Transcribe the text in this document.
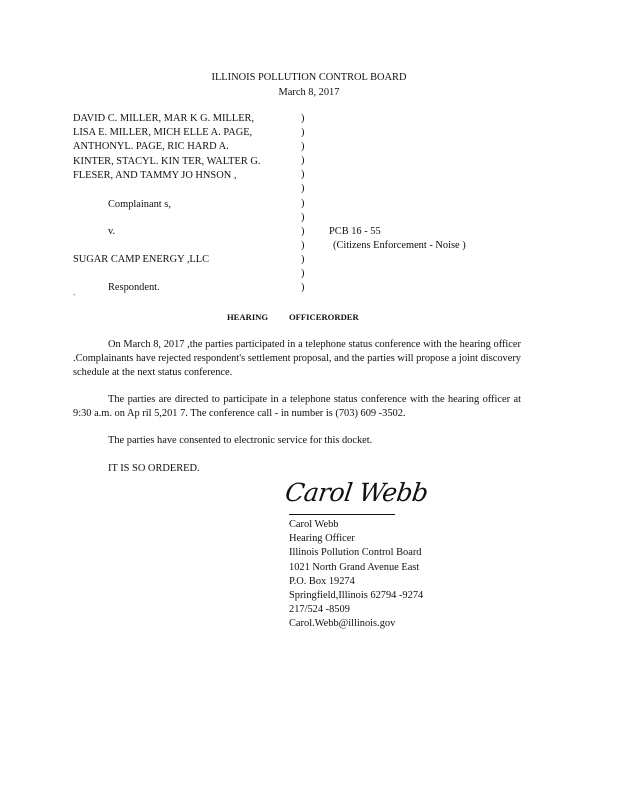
ILLINOIS POLLUTION CONTROL BOARD
March 8, 2017
DAVID C. MILLER, MAR K G. MILLER,
LISA E. MILLER, MICH ELLE A. PAGE,
ANTHONYL. PAGE, RIC HARD A.
KINTER, STACYL. KIN TER, WALTER G.
FLESER, AND TAMMY JO HNSON ,
Complainant s,
v.	PCB 16 - 55
(Citizens Enforcement - Noise )
SUGAR CAMP ENERGY ,LLC
Respondent.
`
)
)
)
)
)
)
)
)
)
)
)
)
)
HEARING OFFICERORDER
On March 8, 2017 ,the parties participated in a telephone status conference with the hearing officer .Complainants have rejected respondent's settlement proposal, and the parties will propose a joint discovery schedule at the next status conference.
The parties are directed to participate in a telephone status conference with the hearing officer at 9:30 a.m. on Ap ril 5,201 7. The conference call - in number is (703) 609 -3502.
The parties have consented to electronic service for this docket.
IT IS SO ORDERED.
Carol Webb
Carol Webb
Hearing Officer
Illinois Pollution Control Board
1021 North Grand Avenue East
P.O. Box 19274
Springfield,Illinois 62794 -9274
217/524 -8509
Carol.Webb@illinois.gov
